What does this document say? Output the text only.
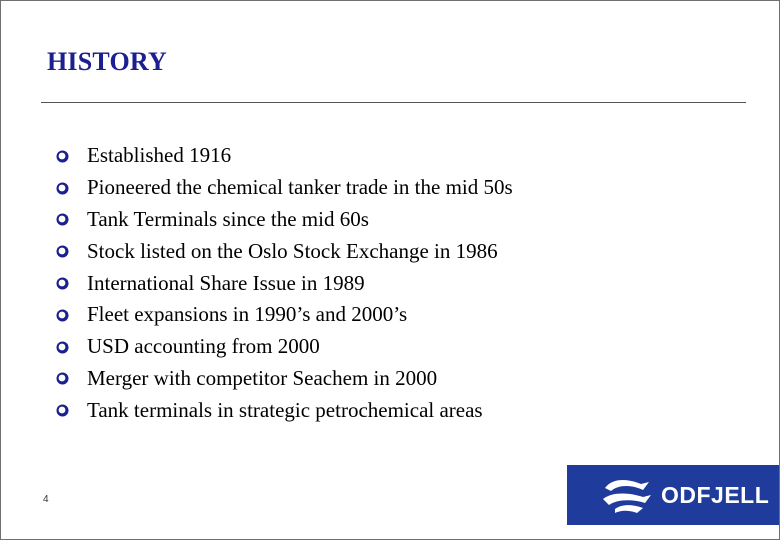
HISTORY
Established 1916
Pioneered the chemical tanker trade in the mid 50s
Tank Terminals since the mid 60s
Stock listed on the Oslo Stock Exchange in 1986
International Share Issue in 1989
Fleet expansions in 1990’s and 2000’s
USD accounting from 2000
Merger with competitor Seachem in 2000
Tank terminals in strategic petrochemical areas
4	ODFJELL
